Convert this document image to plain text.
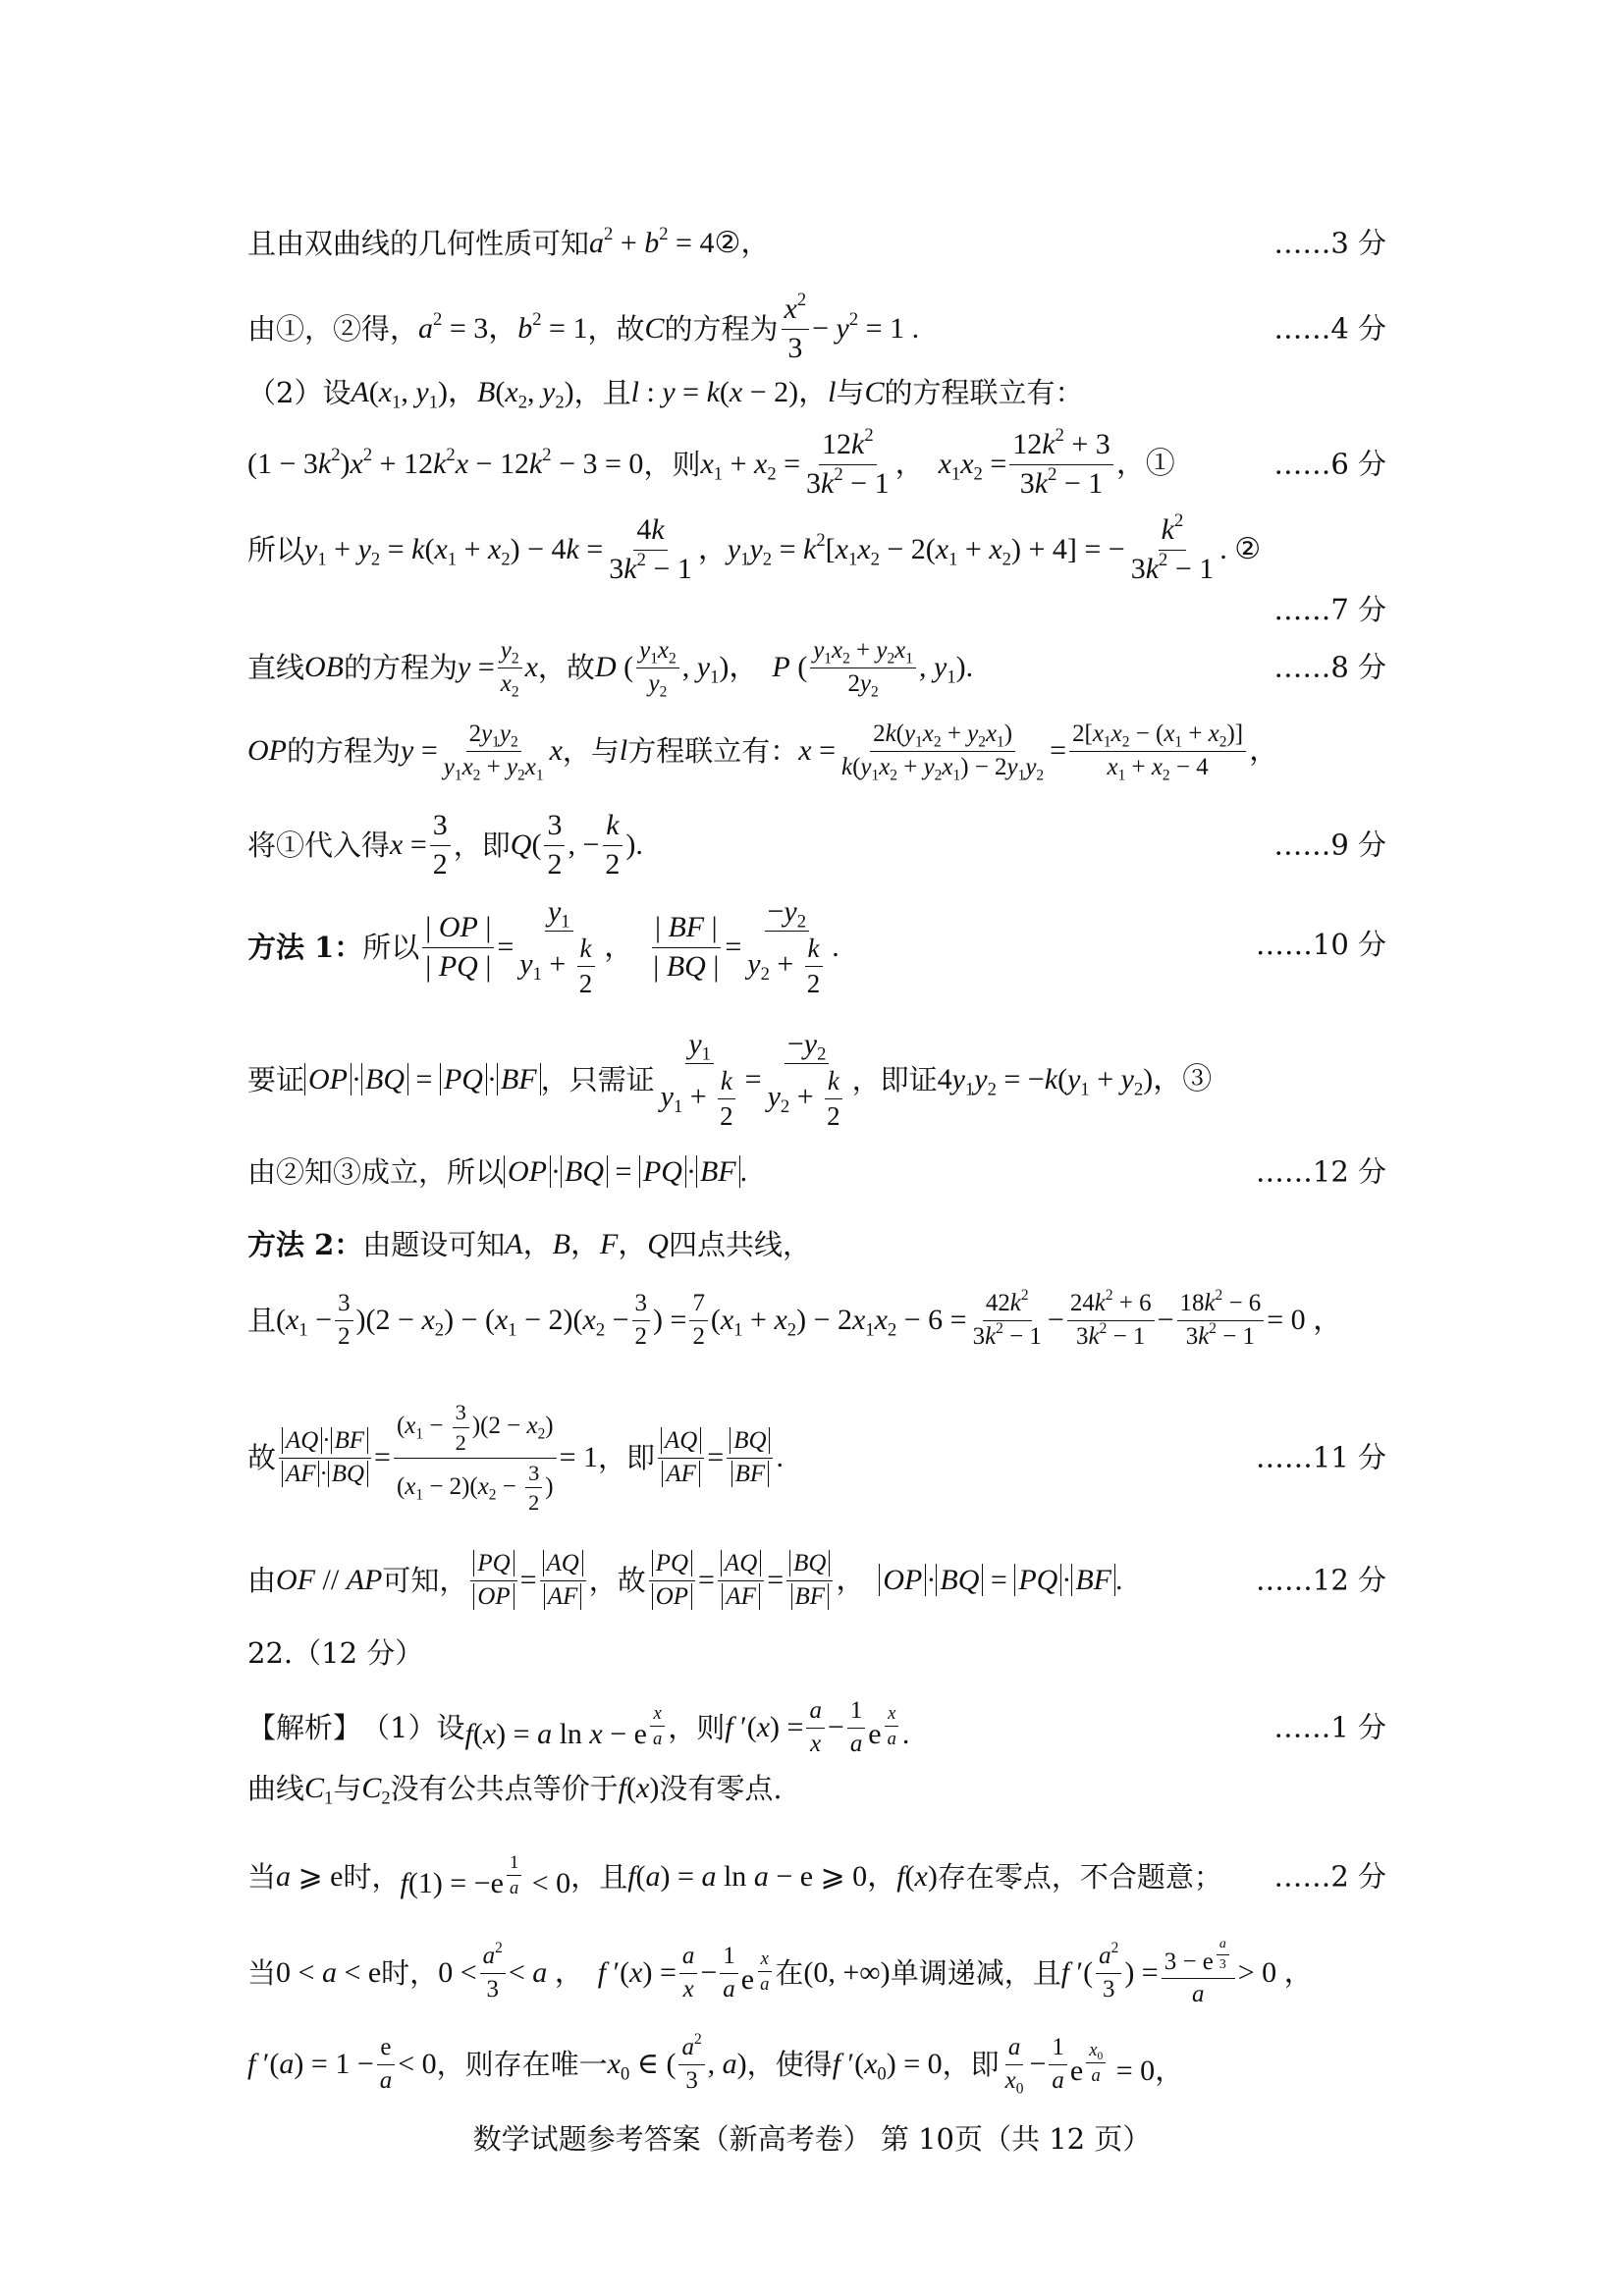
且由双曲线的几何性质可知 $a^2 + b^2$ = 4②，	……3 分
由①，②得， $a^2 = 3$，$b^2 = 1$ ，故 C 的方程为 $\frac{x^2}{3} - y^2 = 1$ .	……4 分
（2）设 $A(x_1$, $y_1$)，$B(x_2$, $y_2$) ，且 l : y = k(x − 2)，l 与 C 的方程联立有：
$(1 - 3k^2)x^2 + 12k^2x - 12k^2 - 3 = 0$ ，则 $x_1 + x_2 = \frac{12k^2}{3k^2 - 1}$ ， $x_1x_2 = \frac{12k^2 + 3}{3k^2 - 1}$ ，①	……6 分
所以 $y_1 + y_2 = k(x_1 + x_2) - 4k = \frac{4k}{3k^2 - 1}$ ，$y_1y_2 = k^2[x_1x_2 - 2(x_1 + x_2) + 4]$ = − $\frac{k^2}{3k^2 - 1}$ . ②
……7 分
直线 OB 的方程为 $y = \frac{y_2}{x_2}$ x ，故 D ( $\frac{y_1x_2}{y_2}$ , $y_1$)， P ( $\frac{y_1x_2 + y_2x_1}{2y_2}$ , $y_1$).	……8 分
OP 的方程为 $y = \frac{2y_1y_2}{y_1x_2 + y_2x_1}$ x ，与 l 方程联立有： $x = \frac{2k(y_1x_2 + y_2x_1)}{k(y_1x_2 + y_2x_1) - 2y_1y_2} = \frac{2[x_1x_2 - (x_1 + x_2)]}{x_1 + x_2 - 4}$ ，
将①代入得 $x = \frac{3}{2}$ ，即 $Q( \frac{3}{2}$ , − $\frac{k}{2}$ ).	……9 分
方法 1： 所以 $\frac{| OP |}{| PQ |} = \frac{y_1}{y_1 + \frac{k}{2}}$ ， $\frac{| BF |}{| BQ |} = \frac{-y_2}{y_2 + \frac{k}{2}}$ .	……10 分
要证 OP · BQ = PQ · BF ，只需证 $\frac{y_1}{y_1 + \frac{k}{2}} = \frac{-y_2}{y_2 + \frac{k}{2}}$ ，即证 $4y_1y_2 = -k(y_1 + y_2)$，③
由②知③成立，所以 OP · BQ = PQ · BF .	……12 分
方法 2： 由题设可知 A，B，F，Q 四点共线，
且 $(x_1 - \frac{3}{2} )(2 - x_2) - (x_1 - 2)(x_2 - \frac{3}{2}$ ) = $\frac{7}{2} (x_1 + x_2) - 2x_1x_2 - 6 = \frac{42k^2}{3k^2 - 1} - \frac{24k^2 + 6}{3k^2 - 1} - \frac{18k^2 - 6}{3k^2 - 1} = 0$ ，
故 $\frac{AQ \cdot BF}{AF \cdot BQ} = \frac{(x_1 - \frac{3}{2} )(2 - x_2)}{(x_1 - 2)(x_2 - \frac{3}{2} )} = 1$ ，即 $\frac{AQ}{AF} = \frac{BQ}{BF}$ .	……11 分
由 OF // AP 可知， $\frac{PQ}{OP} = \frac{AQ}{AF}$ ，故 $\frac{PQ}{OP} = \frac{AQ}{AF} = \frac{BQ}{BF}$ ， OP · BQ = PQ · BF .	……12 分
22.（12 分）
【解析】 （1）设 f(x) = a ln x − e $^{\frac{x}{a}}$ ，则 f $'(x) = \frac{a}{x} - \frac{1}{a}$ e $^{\frac{x}{a}}$ .	……1 分
曲线 $C_1$ 与 $C_2$ 没有公共点等价于 f(x) 没有零点.
当 a ⩾ e 时， f(1) = −e $^{\frac{1}{a}}$ < 0 ，且 f(a) = a ln a − e ⩾ 0，f(x) 存在零点，不合题意； ……2 分
当 0 < a < e 时， $0 < \frac{a^2}{3} < a$ ， f $'(x) = \frac{a}{x} - \frac{1}{a}$ e $^{\frac{x}{a}}$ 在 (0, +∞) 单调递减，且 f ′( $\frac{a^2}{3}$ ) = 3 − e $^{\frac{a}{3}}$
a > 0 ，
f $'(a) = 1 - \frac{e}{a} < 0$ ，则存在唯一 $x_0$ ∈ ( $\frac{a^2}{3}$ , a) ，使得 f $'(x_0) = 0$ ，即 $\frac{a}{x_0} - \frac{1}{a}$ e $^{\frac{x_0}{a}}$ = 0，
数学试题参考答案（新高考卷） 第 10页（共 12 页）
